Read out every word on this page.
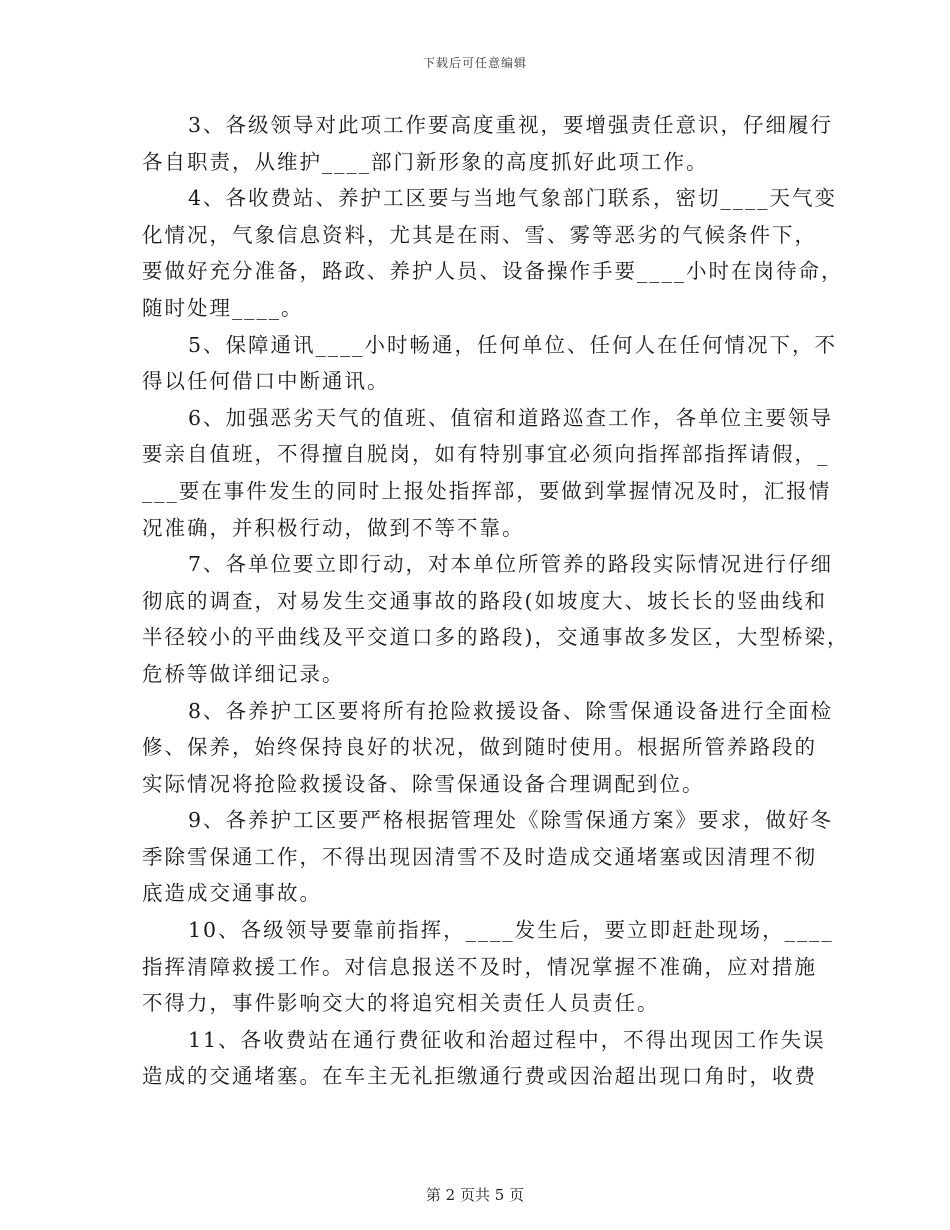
下载后可任意编辑

3、各级领导对此项工作要高度重视，要增强责任意识，仔细履行
各自职责，从维护____部门新形象的高度抓好此项工作。

4、各收费站、养护工区要与当地气象部门联系，密切____天气变
化情况，气象信息资料，尤其是在雨、雪、雾等恶劣的气候条件下，
要做好充分准备，路政、养护人员、设备操作手要____小时在岗待命，
随时处理____。

5、保障通讯____小时畅通，任何单位、任何人在任何情况下，不
得以任何借口中断通讯。

6、加强恶劣天气的值班、值宿和道路巡查工作，各单位主要领导
要亲自值班，不得擅自脱岗，如有特别事宜必须向指挥部指挥请假，_
___要在事件发生的同时上报处指挥部，要做到掌握情况及时，汇报情
况准确，并积极行动，做到不等不靠。

7、各单位要立即行动，对本单位所管养的路段实际情况进行仔细
彻底的调查，对易发生交通事故的路段(如坡度大、坡长长的竖曲线和
半径较小的平曲线及平交道口多的路段)，交通事故多发区，大型桥梁，
危桥等做详细记录。

8、各养护工区要将所有抢险救援设备、除雪保通设备进行全面检
修、保养，始终保持良好的状况，做到随时使用。根据所管养路段的
实际情况将抢险救援设备、除雪保通设备合理调配到位。

9、各养护工区要严格根据管理处《除雪保通方案》要求，做好冬
季除雪保通工作，不得出现因清雪不及时造成交通堵塞或因清理不彻
底造成交通事故。

10、各级领导要靠前指挥，____发生后，要立即赶赴现场，____
指挥清障救援工作。对信息报送不及时，情况掌握不准确，应对措施
不得力，事件影响交大的将追究相关责任人员责任。

11、各收费站在通行费征收和治超过程中，不得出现因工作失误
造成的交通堵塞。在车主无礼拒缴通行费或因治超出现口角时，收费

第 2 页共 5 页
